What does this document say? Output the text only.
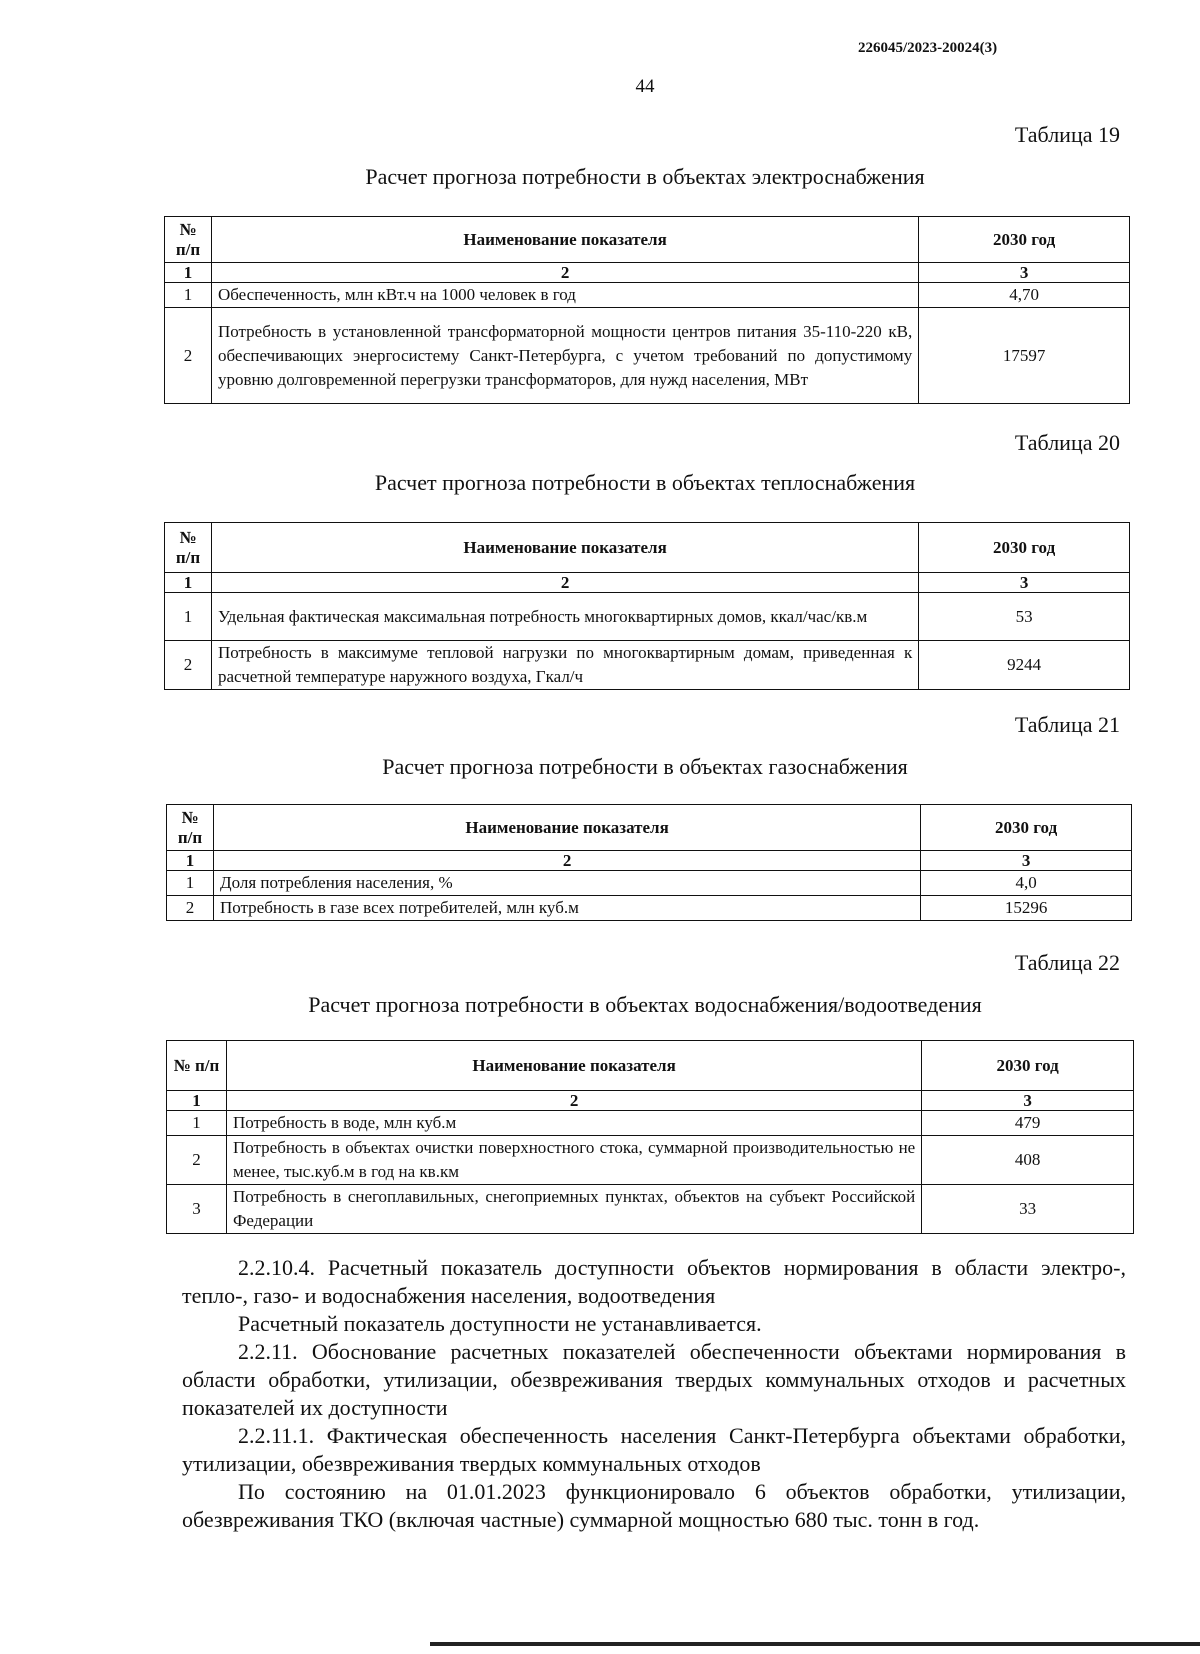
226045/2023-20024(3)
44
Таблица 19
Расчет прогноза потребности в объектах электроснабжения
№ п/п	Наименование показателя	2030 год
1	2	3
1	Обеспеченность, млн кВт.ч на 1000 человек в год	4,70
2	Потребность в установленной трансформаторной мощности центров питания 35-110-220 кВ, обеспечивающих энергосистему Санкт-Петербурга, с учетом требований по допустимому уровню долговременной перегрузки трансформаторов, для нужд населения, МВт	17597
Таблица 20
Расчет прогноза потребности в объектах теплоснабжения
№ п/п	Наименование показателя	2030 год
1	2	3
1	Удельная фактическая максимальная потребность многоквартирных домов, ккал/час/кв.м	53
2	Потребность в максимуме тепловой нагрузки по многоквартирным домам, приведенная к расчетной температуре наружного воздуха, Гкал/ч	9244
Таблица 21
Расчет прогноза потребности в объектах газоснабжения
№ п/п	Наименование показателя	2030 год
1	2	3
1	Доля потребления населения, %	4,0
2	Потребность в газе всех потребителей, млн куб.м	15296
Таблица 22
Расчет прогноза потребности в объектах водоснабжения/водоотведения
№ п/п	Наименование показателя	2030 год
1	2	3
1	Потребность в воде, млн куб.м	479
2	Потребность в объектах очистки поверхностного стока, суммарной производительностью не менее, тыс.куб.м в год на кв.км	408
3	Потребность в снегоплавильных, снегоприемных пунктах, объектов на субъект Российской Федерации	33
2.2.10.4. Расчетный показатель доступности объектов нормирования в области электро-, тепло-, газо- и водоснабжения населения, водоотведения
Расчетный показатель доступности не устанавливается.
2.2.11. Обоснование расчетных показателей обеспеченности объектами нормирования в области обработки, утилизации, обезвреживания твердых коммунальных отходов и расчетных показателей их доступности
2.2.11.1. Фактическая обеспеченность населения Санкт-Петербурга объектами обработки, утилизации, обезвреживания твердых коммунальных отходов
По состоянию на 01.01.2023 функционировало 6 объектов обработки, утилизации, обезвреживания ТКО (включая частные) суммарной мощностью 680 тыс. тонн в год.
